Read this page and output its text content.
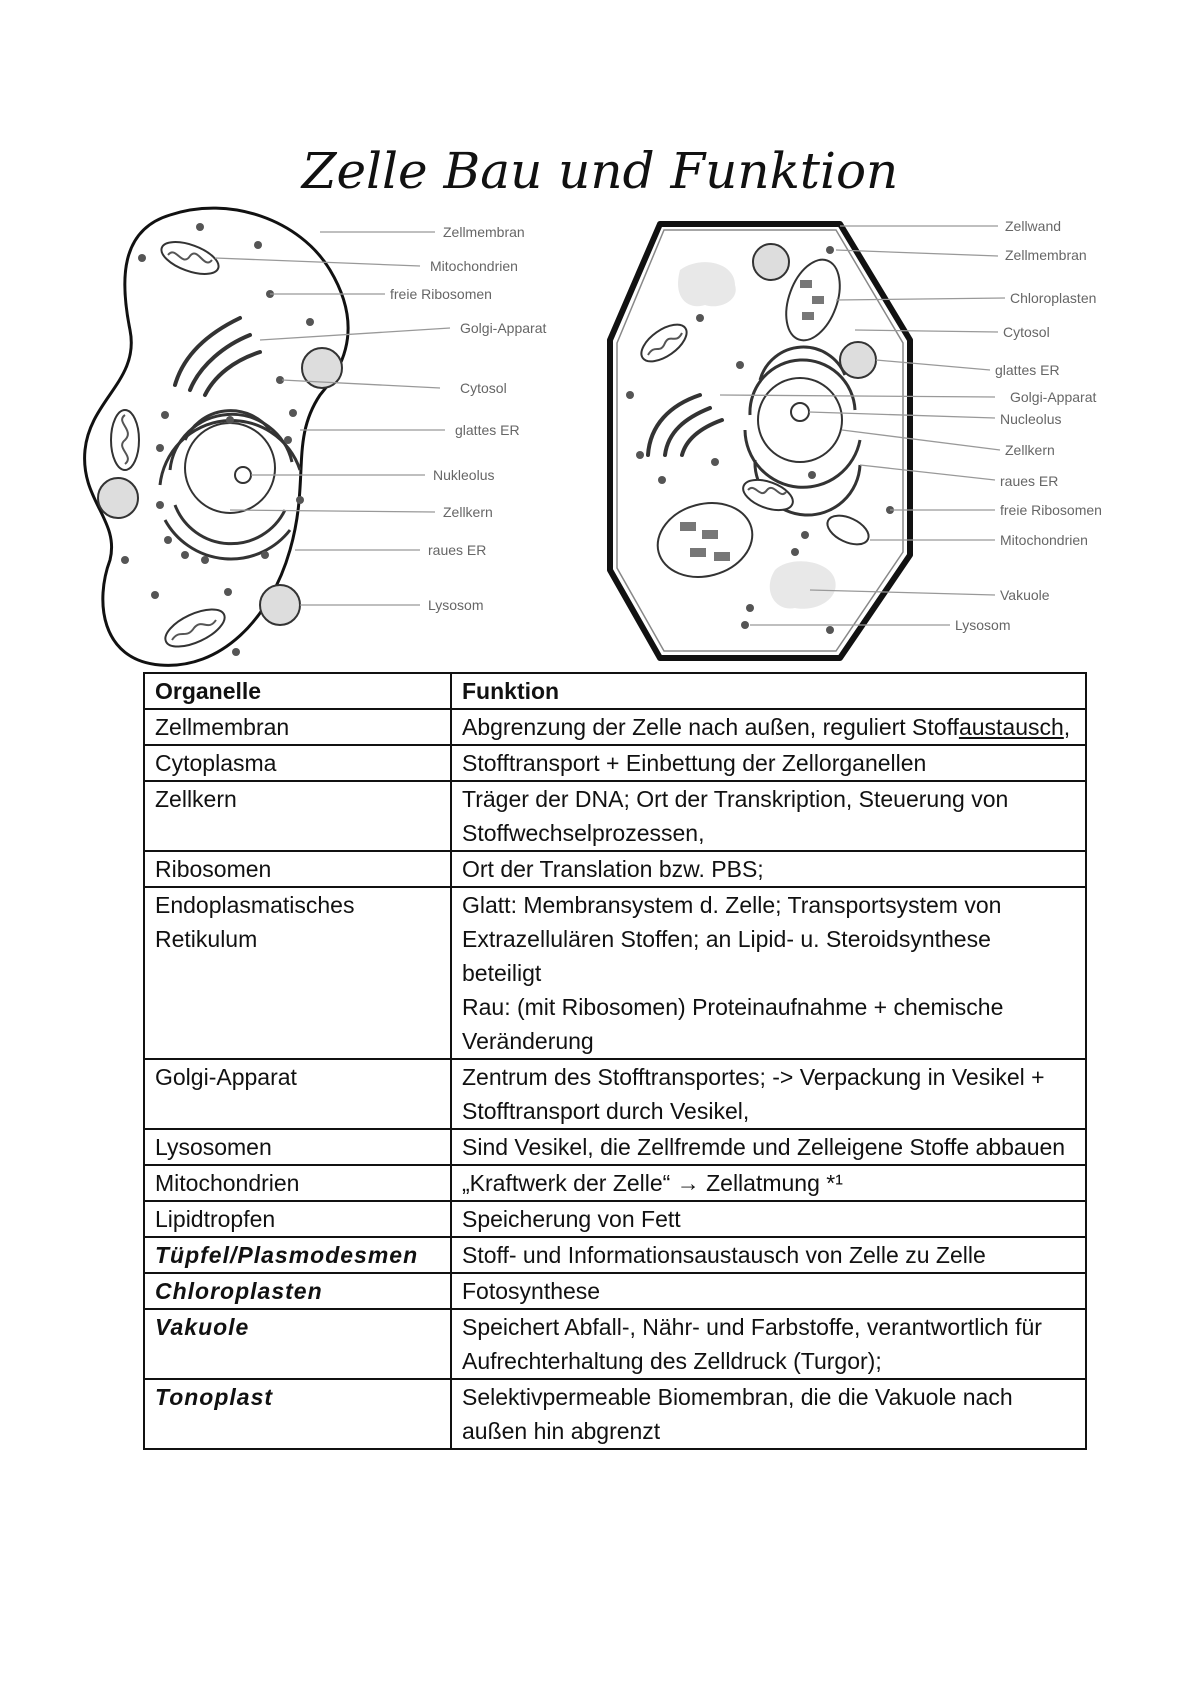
Zelle Bau und Funktion
Zellmembran
Mitochondrien
freie Ribosomen
Golgi-Apparat
Cytosol
glattes ER
Nukleolus
Zellkern
raues ER
Lysosom
Zellwand
Zellmembran
Chloroplasten
Cytosol
glattes ER
Golgi-Apparat
Nucleolus
Zellkern
raues ER
freie Ribosomen
Mitochondrien
Vakuole
Lysosom
Organelle	Funktion
Zellmembran	Abgrenzung der Zelle nach außen, reguliert Stoffaustausch,
Cytoplasma	Stofftransport + Einbettung der Zellorganellen
Zellkern	Träger der DNA; Ort der Transkription, Steuerung von Stoffwechselprozessen,
Ribosomen	Ort der Translation bzw. PBS;
Endoplasmatisches Retikulum	Glatt: Membransystem d. Zelle; Transportsystem von Extrazellulären Stoffen; an Lipid- u. Steroidsynthese beteiligt
Rau: (mit Ribosomen) Proteinaufnahme + chemische Veränderung

Golgi-Apparat	Zentrum des Stofftransportes; -> Verpackung in Vesikel + Stofftransport durch Vesikel,
Lysosomen	Sind Vesikel, die Zellfremde und Zelleigene Stoffe abbauen
Mitochondrien	„Kraftwerk der Zelle“ → Zellatmung *¹
Lipidtropfen	Speicherung von Fett
Tüpfel/Plasmodesmen	Stoff- und Informationsaustausch von Zelle zu Zelle
Chloroplasten	Fotosynthese
Vakuole	Speichert Abfall-, Nähr- und Farbstoffe, verantwortlich für Aufrechterhaltung des Zelldruck (Turgor);
Tonoplast	Selektivpermeable Biomembran, die die Vakuole nach außen hin abgrenzt
